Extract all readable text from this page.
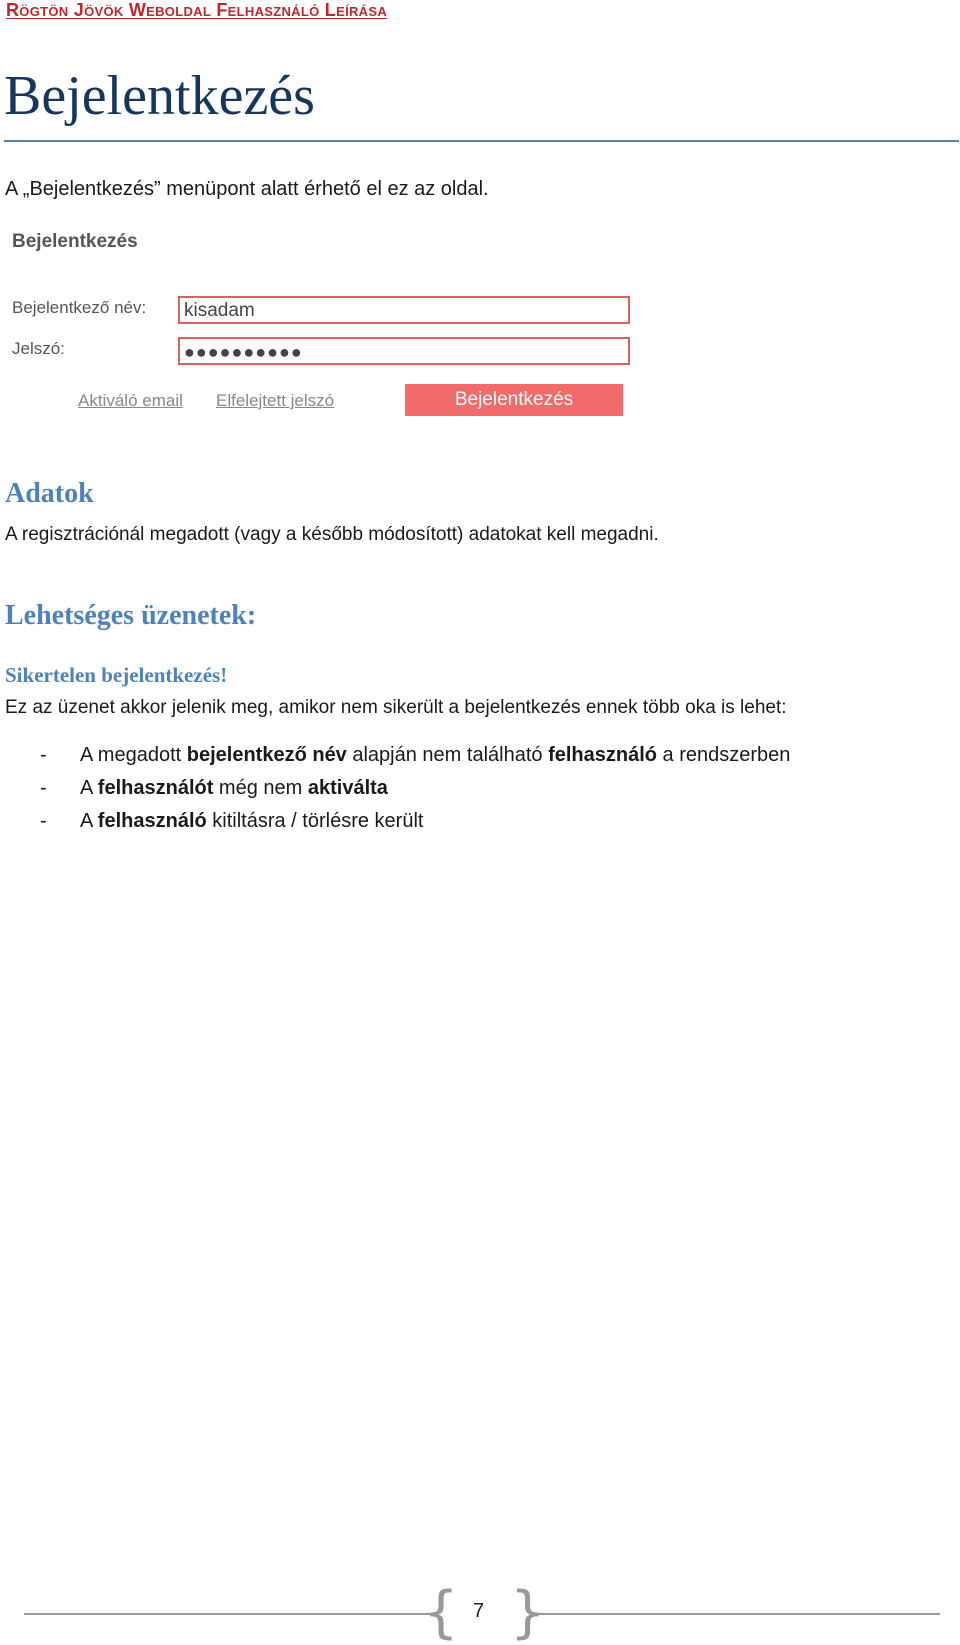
Rögtön Jövök Weboldal Felhasználó Leírása
Bejelentkezés
A „Bejelentkezés” menüpont alatt érhető el ez az oldal.
Bejelentkezés
Bejelentkező név:	kisadam
Jelszó:	●●●●●●●●●●
Aktiváló email Elfelejtett jelszó	Bejelentkezés
Adatok
A regisztrációnál megadott (vagy a később módosított) adatokat kell megadni.
Lehetséges üzenetek:
Sikertelen bejelentkezés!
Ez az üzenet akkor jelenik meg, amikor nem sikerült a bejelentkezés ennek több oka is lehet:
-	A megadott bejelentkező név alapján nem található felhasználó a rendszerben
-	A felhasználót még nem aktiválta
-	A felhasználó kitiltásra / törlésre került
{ }
7
